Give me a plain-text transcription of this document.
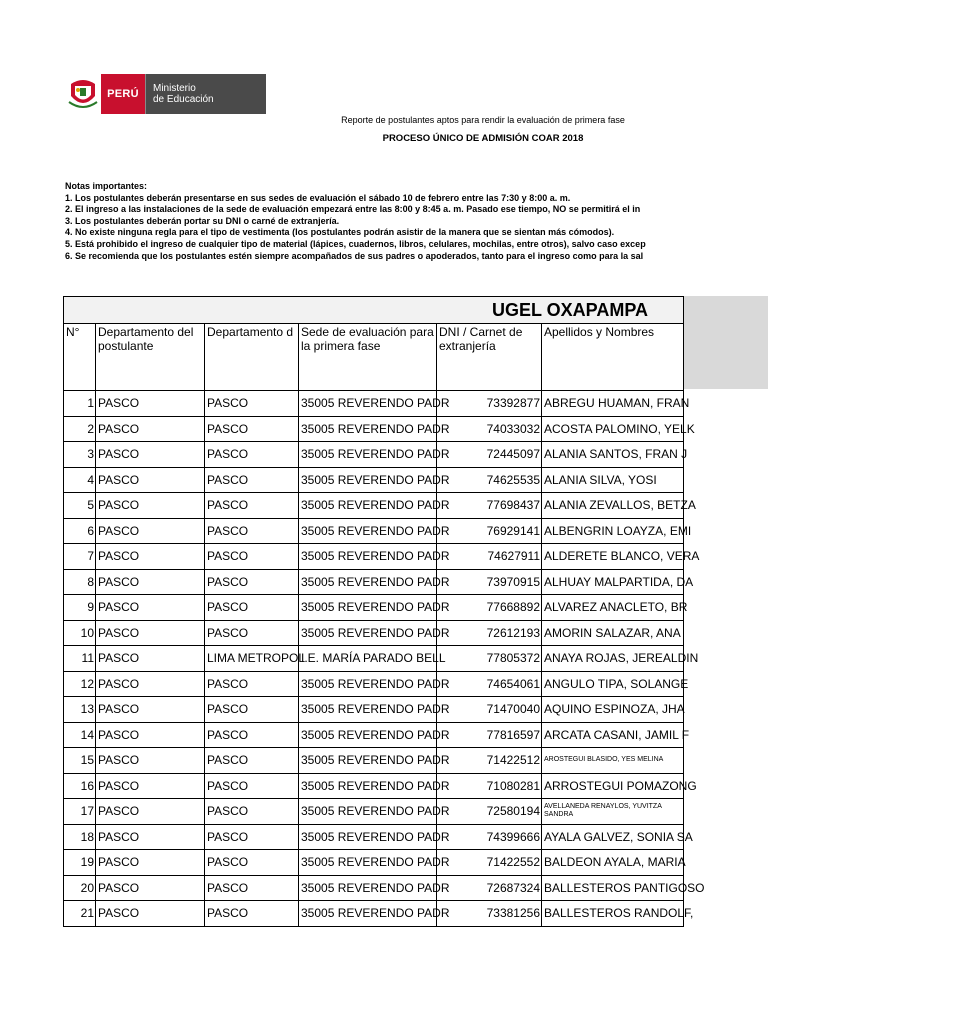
PERÚ	Ministerio
de Educación
Reporte de postulantes aptos para rendir la evaluación de primera fase
PROCESO ÚNICO DE ADMISIÓN COAR 2018
Notas importantes:
1. Los postulantes deberán presentarse en sus sedes de evaluación el sábado 10 de febrero entre las 7:30 y 8:00 a. m.
2. El ingreso a las instalaciones de la sede de evaluación empezará entre las 8:00 y 8:45 a. m. Pasado ese tiempo, NO se permitirá el in
3. Los postulantes deberán portar su DNI o carné de extranjería.
4. No existe ninguna regla para el tipo de vestimenta (los postulantes podrán asistir de la manera que se sientan más cómodos).
5. Está prohibido el ingreso de cualquier tipo de material (lápices, cuadernos, libros, celulares, mochilas, entre otros), salvo caso excep
6. Se recomienda que los postulantes estén siempre acompañados de sus padres o apoderados, tanto para el ingreso como para la sal
UGEL OXAPAMPA					
N°	Departamento del postulante	Departamento d	Sede de evaluación para la primera fase	DNI / Carnet de extranjería	Apellidos y Nombres
1	PASCO	PASCO	35005 REVERENDO PADR	73392877	ABREGU HUAMAN, FRAN
2	PASCO	PASCO	35005 REVERENDO PADR	74033032	ACOSTA PALOMINO, YELK
3	PASCO	PASCO	35005 REVERENDO PADR	72445097	ALANIA SANTOS, FRAN J
4	PASCO	PASCO	35005 REVERENDO PADR	74625535	ALANIA SILVA, YOSI
5	PASCO	PASCO	35005 REVERENDO PADR	77698437	ALANIA ZEVALLOS, BETZA
6	PASCO	PASCO	35005 REVERENDO PADR	76929141	ALBENGRIN LOAYZA, EMI
7	PASCO	PASCO	35005 REVERENDO PADR	74627911	ALDERETE BLANCO, VERA
8	PASCO	PASCO	35005 REVERENDO PADR	73970915	ALHUAY MALPARTIDA, DA
9	PASCO	PASCO	35005 REVERENDO PADR	77668892	ALVAREZ ANACLETO, BR
10	PASCO	PASCO	35005 REVERENDO PADR	72612193	AMORIN SALAZAR, ANA
11	PASCO	LIMA METROPOL	I.E. MARÍA PARADO BELL	77805372	ANAYA ROJAS, JEREALDIN
12	PASCO	PASCO	35005 REVERENDO PADR	74654061	ANGULO TIPA, SOLANGE
13	PASCO	PASCO	35005 REVERENDO PADR	71470040	AQUINO ESPINOZA, JHA
14	PASCO	PASCO	35005 REVERENDO PADR	77816597	ARCATA CASANI, JAMIL F
15	PASCO	PASCO	35005 REVERENDO PADR	71422512	AROSTEGUI BLASIDO, YES MELINA
16	PASCO	PASCO	35005 REVERENDO PADR	71080281	ARROSTEGUI POMAZONG
17	PASCO	PASCO	35005 REVERENDO PADR	72580194	AVELLANEDA RENAYLOS, YUVITZA SANDRA
18	PASCO	PASCO	35005 REVERENDO PADR	74399666	AYALA GALVEZ, SONIA SA
19	PASCO	PASCO	35005 REVERENDO PADR	71422552	BALDEON AYALA, MARIA
20	PASCO	PASCO	35005 REVERENDO PADR	72687324	BALLESTEROS PANTIGOSO
21	PASCO	PASCO	35005 REVERENDO PADR	73381256	BALLESTEROS RANDOLF,
